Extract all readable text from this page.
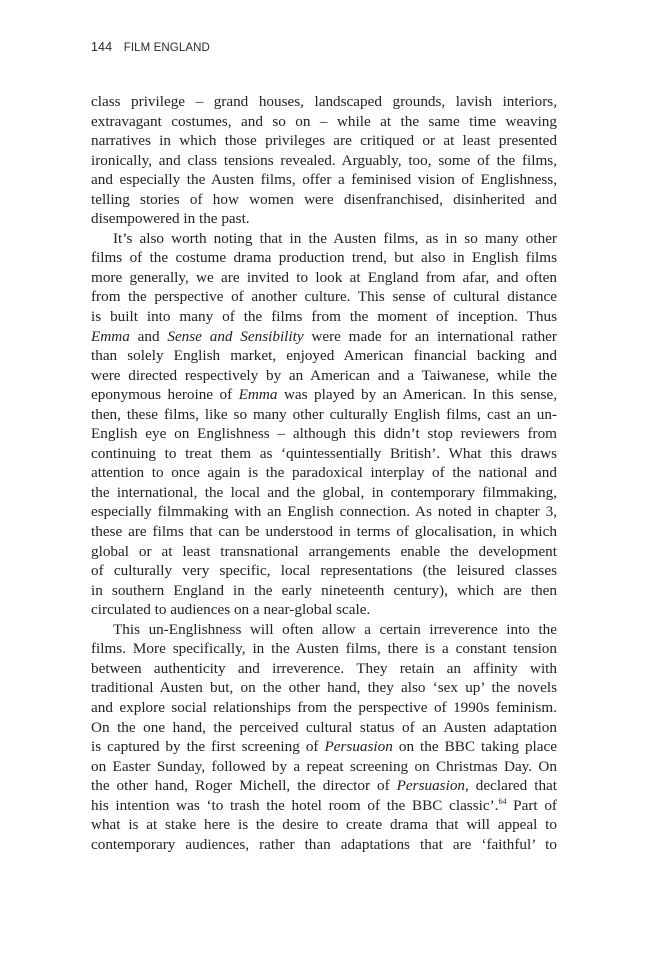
144 FILM ENGLAND
class privilege – grand houses, landscaped grounds, lavish interiors,
extravagant costumes, and so on – while at the same time weaving
narratives in which those privileges are critiqued or at least presented
ironically, and class tensions revealed. Arguably, too, some of the films,
and especially the Austen films, offer a feminised vision of Englishness,
telling stories of how women were disenfranchised, disinherited and
disempowered in the past.
It’s also worth noting that in the Austen films, as in so many other
films of the costume drama production trend, but also in English films
more generally, we are invited to look at England from afar, and often
from the perspective of another culture. This sense of cultural distance
is built into many of the films from the moment of inception. Thus
Emma and Sense and Sensibility were made for an international rather
than solely English market, enjoyed American financial backing and
were directed respectively by an American and a Taiwanese, while the
eponymous heroine of Emma was played by an American. In this sense,
then, these films, like so many other culturally English films, cast an un-
English eye on Englishness – although this didn’t stop reviewers from
continuing to treat them as ‘quintessentially British’. What this draws
attention to once again is the paradoxical interplay of the national and
the international, the local and the global, in contemporary filmmaking,
especially filmmaking with an English connection. As noted in chapter 3,
these are films that can be understood in terms of glocalisation, in which
global or at least transnational arrangements enable the development
of culturally very specific, local representations (the leisured classes
in southern England in the early nineteenth century), which are then
circulated to audiences on a near-global scale.
This un-Englishness will often allow a certain irreverence into the
films. More specifically, in the Austen films, there is a constant tension
between authenticity and irreverence. They retain an affinity with
traditional Austen but, on the other hand, they also ‘sex up’ the novels
and explore social relationships from the perspective of 1990s feminism.
On the one hand, the perceived cultural status of an Austen adaptation
is captured by the first screening of Persuasion on the BBC taking place
on Easter Sunday, followed by a repeat screening on Christmas Day. On
the other hand, Roger Michell, the director of Persuasion, declared that
his intention was ‘to trash the hotel room of the BBC classic’.$^{64}$ Part of
what is at stake here is the desire to create drama that will appeal to
contemporary audiences, rather than adaptations that are ‘faithful’ to
